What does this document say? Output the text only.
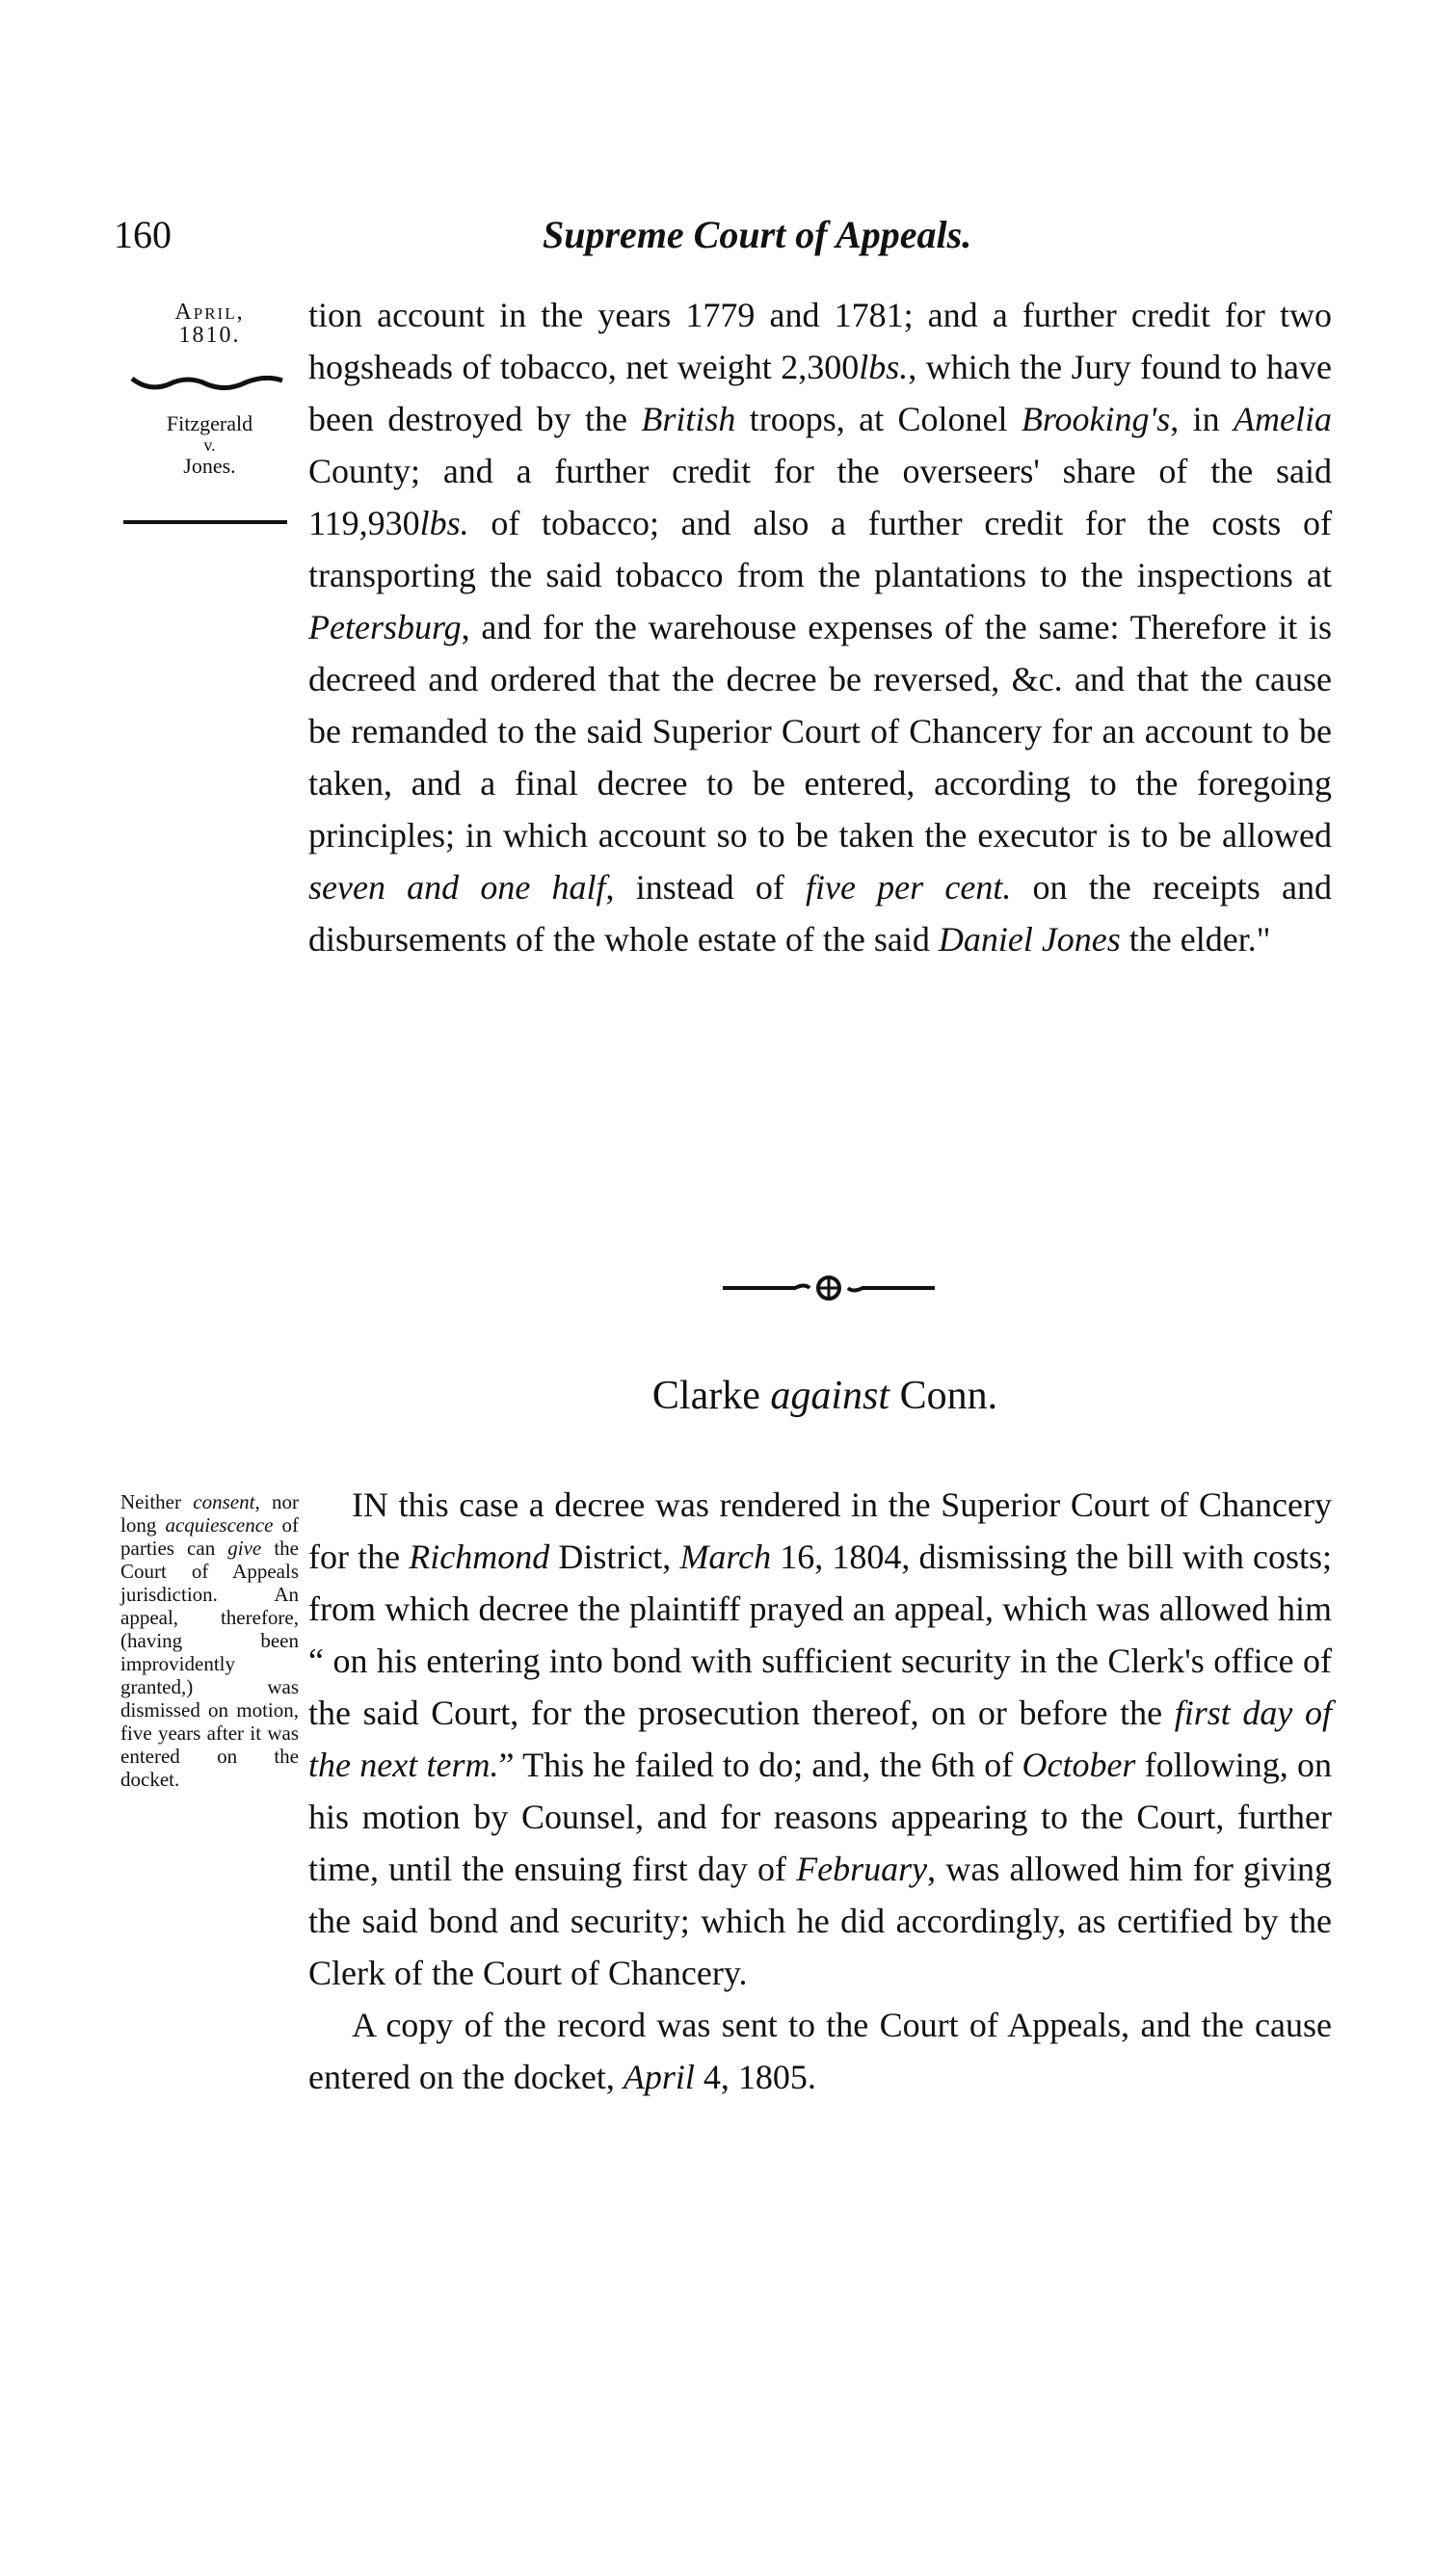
160	Supreme Court of Appeals.
April,
1810.
Fitzgerald
v.
Jones.

tion account in the years 1779 and 1781; and a further credit for two hogsheads of tobacco, net weight 2,300lbs., which the Jury found to have been destroyed by the British troops, at Colonel Brooking's, in Amelia County; and a further credit for the overseers' share of the said 119,930lbs. of tobacco; and also a further credit for the costs of transporting the said tobacco from the plantations to the inspections at Petersburg, and for the warehouse expenses of the same: Therefore it is decreed and ordered that the decree be reversed, &c. and that the cause be remanded to the said Superior Court of Chancery for an account to be taken, and a final decree to be entered, according to the foregoing principles; in which account so to be taken the executor is to be allowed seven and one half, instead of five per cent. on the receipts and disbursements of the whole estate of the said Daniel Jones the elder."

Clarke against Conn.
Neither consent, nor long acquiescence of parties can give the Court of Appeals jurisdiction. An appeal, therefore, (having been improvidently granted,) was dismissed on motion, five years after it was entered on the docket.

IN this case a decree was rendered in the Superior Court of Chancery for the Richmond District, March 16, 1804, dismissing the bill with costs; from which decree the plaintiff prayed an appeal, which was allowed him “ on his entering into bond with sufficient security in the Clerk's office of the said Court, for the prosecution thereof, on or before the first day of the next term.” This he failed to do; and, the 6th of October following, on his motion by Counsel, and for reasons appearing to the Court, further time, until the ensuing first day of February, was allowed him for giving the said bond and security; which he did accordingly, as certified by the Clerk of the Court of Chancery.

A copy of the record was sent to the Court of Appeals, and the cause entered on the docket, April 4, 1805.
